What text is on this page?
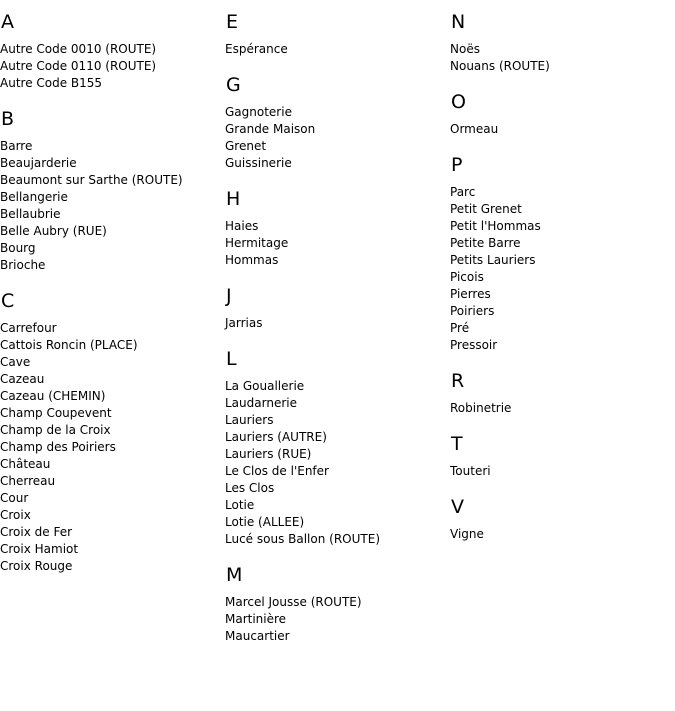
A
Autre Code 0010 (ROUTE)
Autre Code 0110 (ROUTE)
Autre Code B155
B
Barre
Beaujarderie
Beaumont sur Sarthe (ROUTE)
Bellangerie
Bellaubrie
Belle Aubry (RUE)
Bourg
Brioche
C
Carrefour
Cattois Roncin (PLACE)
Cave
Cazeau
Cazeau (CHEMIN)
Champ Coupevent
Champ de la Croix
Champ des Poiriers
Château
Cherreau
Cour
Croix
Croix de Fer
Croix Hamiot
Croix Rouge
E
Espérance
G
Gagnoterie
Grande Maison
Grenet
Guissinerie
H
Haies
Hermitage
Hommas
J
Jarrias
L
La Gouallerie
Laudarnerie
Lauriers
Lauriers (AUTRE)
Lauriers (RUE)
Le Clos de l'Enfer
Les Clos
Lotie
Lotie (ALLEE)
Lucé sous Ballon (ROUTE)
M
Marcel Jousse (ROUTE)
Martinière
Maucartier
N
Noës
Nouans (ROUTE)
O
Ormeau
P
Parc
Petit Grenet
Petit l'Hommas
Petite Barre
Petits Lauriers
Picois
Pierres
Poiriers
Pré
Pressoir
R
Robinetrie
T
Touteri
V
Vigne
